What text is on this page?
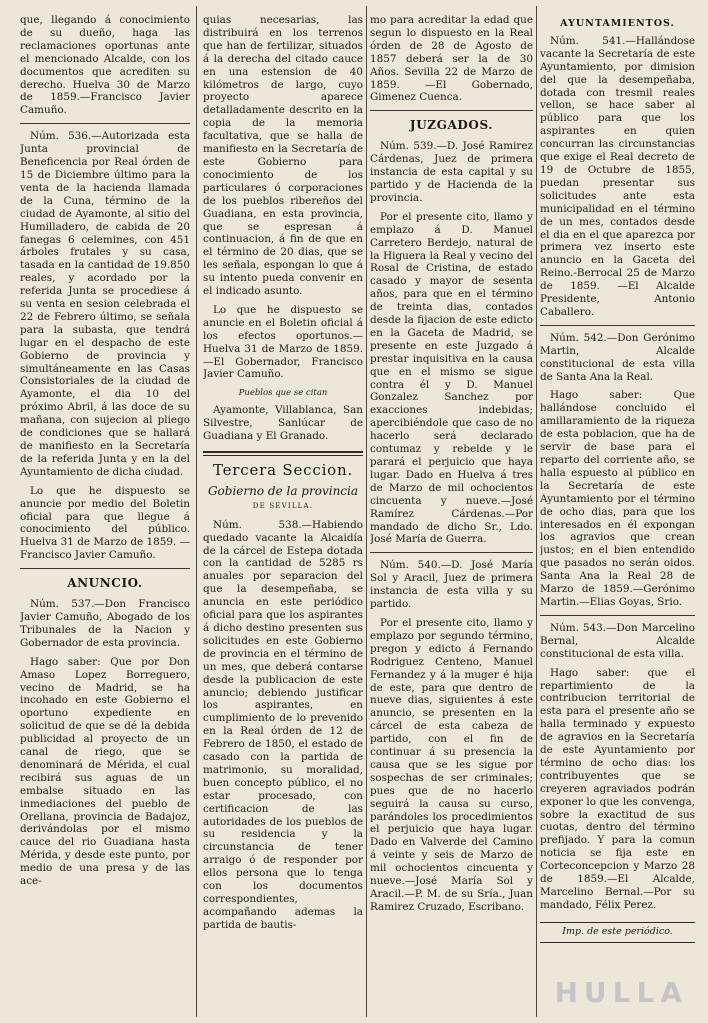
que, llegando á conocimiento de su dueño, haga las reclamaciones oportunas ante el mencionado Alcalde, con los documentos que acrediten su derecho. Huelva 30 de Marzo de 1859.—Francisco Javier Camuño.

Núm. 536.—Autorizada esta Junta provincial de Beneficencia por Real órden de 15 de Diciembre último para la venta de la hacienda llamada de la Cuna, término de la ciudad de Ayamonte, al sitio del Humilladero, de cabida de 20 fanegas 6 celemines, con 451 árboles frutales y su casa, tasada en la cantidad de 19.850 reales, y acordado por la referida Junta se procediese á su venta en sesion celebrada el 22 de Febrero último, se señala para la subasta, que tendrá lugar en el despacho de este Gobierno de provincia y simultáneamente en las Casas Consistoriales de la ciudad de Ayamonte, el dia 10 del próximo Abril, á las doce de su mañana, con sujecion al pliego de condiciones que se hallará de manifiesto en la Secretaría de la referida Junta y en la del Ayuntamiento de dicha ciudad.

Lo que he dispuesto se anuncie por medio del Boletin oficial para que llegue á conocimiento del público. Huelva 31 de Marzo de 1859. —Francisco Javier Camuño.

ANUNCIO.

Núm. 537.—Don Francisco Javier Camuño, Abogado de los Tribunales de la Nacion y Gobernador de esta provincia.

Hago saber: Que por Don Amaso Lopez Borreguero, vecino de Madrid, se ha incohado en este Gobierno el oportuno expediente en solicitud de que se dé la debida publicidad al proyecto de un canal de riego, que se denominará de Mérida, el cual recibirá sus aguas de un embalse situado en las inmediaciones del pueblo de Orellana, provincia de Badajoz, derivándolas por el mismo cauce del rio Guadiana hasta Mérida, y desde este punto, por medio de una presa y de las ace-

quias necesarias, las distribuirá en los terrenos que han de fertilizar, situados á la derecha del citado cauce en una estension de 40 kilómetros de largo, cuyo proyecto aparece detalladamente descrito en la copia de la memoria facultativa, que se halla de manifiesto en la Secretaría de este Gobierno para conocimiento de los particulares ó corporaciones de los pueblos ribereños del Guadiana, en esta provincia, que se espresan á continuacion, á fin de que en el término de 20 dias, que se les señala, espongan lo que á su intento pueda convenir en el indicado asunto.

Lo que he dispuesto se anuncie en el Boletin oficial á los efectos oportunos.—Huelva 31 de Marzo de 1859. —El Gobernador, Francisco Javier Camuño.

Pueblos que se citan

Ayamonte, Villablanca, San Silvestre, Sanlúcar de Guadiana y El Granado.

Tercera Seccion.
Gobierno de la provincia
DE SEVILLA.

Núm. 538.—Habiendo quedado vacante la Alcaidía de la cárcel de Estepa dotada con la cantidad de 5285 rs anuales por separacion del que la desempeñaba, se anuncia en este periódico oficial para que los aspirantes á dicho destino presenten sus solicitudes en este Gobierno de provincia en el término de un mes, que deberá contarse desde la publicacion de este anuncio; debiendo justificar los aspirantes, en cumplimiento de lo prevenido en la Real órden de 12 de Febrero de 1850, el estado de casado con la partida de matrimonio, su moralidad, buen concepto público, el no estar procesado, con certificacion de las autoridades de los pueblos de su residencia y la circunstancia de tener arraigo ó de responder por ellos persona que lo tenga con los documentos correspondientes, acompañando ademas la partida de bautis-

mo para acreditar la edad que segun lo dispuesto en la Real órden de 28 de Agosto de 1857 deberá ser la de 30 Años. Sevilla 22 de Marzo de 1859. —El Gobernado, Gimenez Cuenca.

JUZGADOS.

Núm. 539.—D. José Ramirez Cárdenas, Juez de primera instancia de esta capital y su partido y de Hacienda de la provincia.

Por el presente cito, llamo y emplazo á D. Manuel Carretero Berdejo, natural de la Higuera la Real y vecino del Rosal de Cristina, de estado casado y mayor de sesenta años, para que en el término de treinta dias, contados desde la fijacion de este edicto en la Gaceta de Madrid, se presente en este Juzgado á prestar inquisitiva en la causa que en el mismo se sigue contra él y D. Manuel Gonzalez Sanchez por exacciones indebidas; apercibiéndole que caso de no hacerlo será declarado contumaz y rebelde y le parará el perjuicio que haya lugar. Dado en Huelva á tres de Marzo de mil ochocientos cincuenta y nueve.—José Ramírez Cárdenas.—Por mandado de dicho Sr., Ldo. José María de Guerra.

Núm. 540.—D. José María Sol y Aracil, Juez de primera instancia de esta villa y su partido.

Por el presente cito, llamo y emplazo por segundo término, pregon y edicto á Fernando Rodriguez Centeno, Manuel Fernandez y á la muger é hija de este, para que dentro de nueve dias, siguientes á este anuncio, se presenten en la cárcel de esta cabeza de partido, con el fin de continuar á su presencia la causa que se les sigue por sospechas de ser criminales; pues que de no hacerlo seguirá la causa su curso, parándoles los procedimientos el perjuicio que haya lugar. Dado en Valverde del Camino á veinte y seis de Marzo de mil ochocientos cincuenta y nueve.—José María Sol y Aracil.—P. M. de su Sría., Juan Ramirez Cruzado, Escribano.

AYUNTAMIENTOS.

Núm. 541.—Hallándose vacante la Secretaría de este Ayuntamiento, por dimision del que la desempeñaba, dotada con tresmil reales vellon, se hace saber al público para que los aspirantes en quien concurran las circunstancias que exige el Real decreto de 19 de Octubre de 1855, puedan presentar sus solicitudes ante esta municipalidad en el término de un mes, contados desde el dia en el que aparezca por primera vez inserto este anuncio en la Gaceta del Reino.-Berrocal 25 de Marzo de 1859. —El Alcalde Presidente, Antonio Caballero.

Núm. 542.—Don Gerónimo Martin, Alcalde constitucional de esta villa de Santa Ana la Real.

Hago saber: Que hallándose concluido el amillaramiento de la riqueza de esta poblacion, que ha de servir de base para el reparto del corriente año, se halla espuesto al público en la Secretaría de este Ayuntamiento por el término de ocho dias, para que los interesados en él expongan los agravios que crean justos; en el bien entendido que pasados no serán oidos. Santa Ana la Real 28 de Marzo de 1859.—Gerónimo Martin.—Elias Goyas, Srio.

Núm. 543.—Don Marcelino Bernal, Alcalde constitucional de esta villa.

Hago saber: que el repartimiento de la contribucion territorial de esta para el presente año se halla terminado y expuesto de agravios en la Secretaría de este Ayuntamiento por término de ocho dias: los contribuyentes que se creyeren agraviados podrán exponer lo que les convenga, sobre la exactitud de sus cuotas, dentro del término prefijado. Y para la comun noticia se fija este en Corteconcepcion y Marzo 28 de 1859.—El Alcalde, Marcelino Bernal.—Por su mandado, Félix Perez.

Imp. de este periódico.
HULLA
